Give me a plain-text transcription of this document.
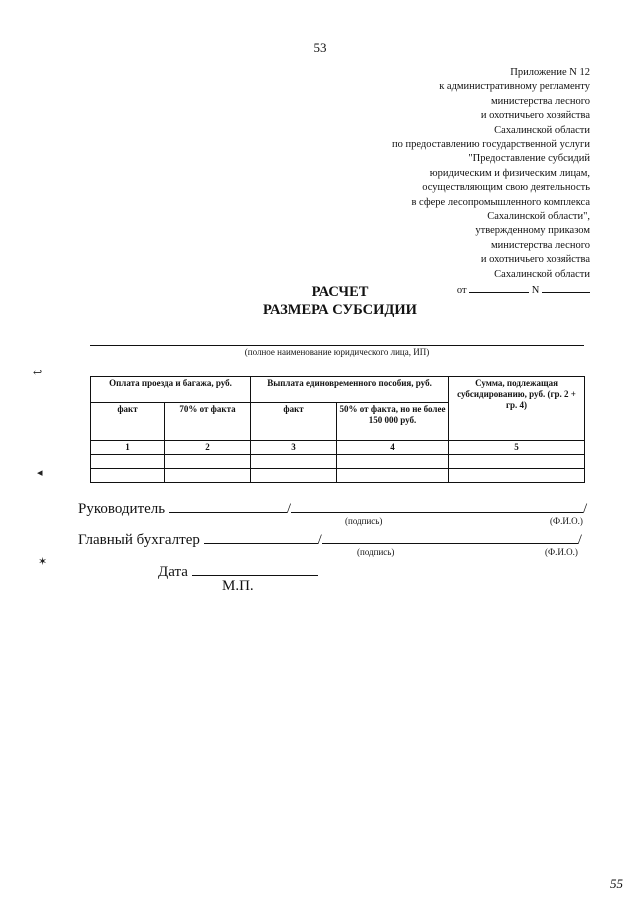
53
Приложение N 12
к административному регламенту
министерства лесного
и охотничьего хозяйства
Сахалинской области
по предоставлению государственной услуги
"Предоставление субсидий
юридическим и физическим лицам,
осуществляющим свою деятельность
в сфере лесопромышленного комплекса
Сахалинской области",
утвержденному приказом
министерства лесного
и охотничьего хозяйства
Сахалинской области
от	N
РАСЧЕТ
РАЗМЕРА СУБСИДИИ
(полное наименование юридического лица, ИП)
↩
◂
✶
Оплата проезда и багажа, руб.		Выплата единовременного пособия, руб.		Сумма, подлежащая субсидированию, руб. (гр. 2 + гр. 4)
факт	70% от факта	факт	50% от факта, но не более 150 000 руб.	
1	2	3	4	5

Руководитель	/	/
(подпись)	(Ф.И.О.)
Главный бухгалтер	/	/
(подпись)	(Ф.И.О.)
Дата
М.П.
55
